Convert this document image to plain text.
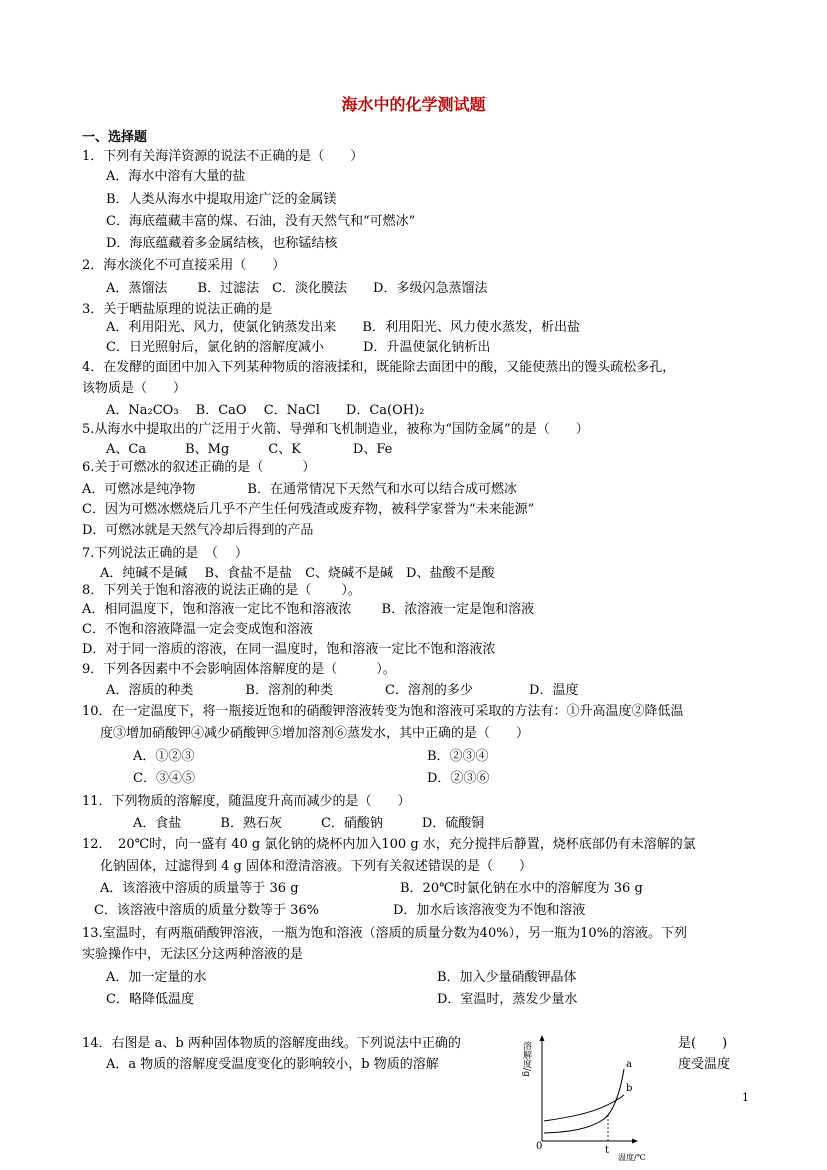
海水中的化学测试题
一、选择题
1．下列有关海洋资源的说法不正确的是（　　）
A．海水中溶有大量的盐
B．人类从海水中提取用途广泛的金属镁
C．海底蕴藏丰富的煤、石油，没有天然气和“可燃冰”
D．海底蕴藏着多金属结核，也称锰结核
2．海水淡化不可直接采用（　　）
A．蒸馏法　　 B．过滤法　C．淡化膜法　　D．多级闪急蒸馏法
3．关于晒盐原理的说法正确的是
A．利用阳光、风力，使氯化钠蒸发出来　　B．利用阳光、风力使水蒸发，析出盐
C．日光照射后，氯化钠的溶解度减小　　　D．升温使氯化钠析出
4．在发酵的面团中加入下列某种物质的溶液揉和，既能除去面团中的酸，又能使蒸出的馒头疏松多孔，
该物质是（　　）
A．Na₂CO₃　 B．CaO　 C．NaCl　　D．Ca(OH)₂
5.从海水中提取出的广泛用于火箭、导弹和飞机制造业，被称为“国防金属”的是（　　）
A、Ca　　　B、Mg　　　C、K　　　　D、Fe
6.关于可燃冰的叙述正确的是（　　　）
A．可燃冰是纯净物　　　　B．在通常情况下天然气和水可以结合成可燃冰
C．因为可燃冰燃烧后几乎不产生任何残渣或废弃物，被科学家誉为“未来能源”
D．可燃冰就是天然气冷却后得到的产品
7.下列说法正确的是　（　 ）
A．纯碱不是碱　 B、食盐不是盐　C、烧碱不是碱　D、盐酸不是酸
8．下列关于饱和溶液的说法正确的是（　　 ）。
A．相同温度下，饱和溶液一定比不饱和溶液浓　　 B．浓溶液一定是饱和溶液
C．不饱和溶液降温一定会变成饱和溶液
D．对于同一溶质的溶液，在同一温度时，饱和溶液一定比不饱和溶液浓
9．下列各因素中不会影响固体溶解度的是（　　　）。
A．溶质的种类　　　　B．溶剂的种类　　　　C．溶剂的多少　　　　 D．温度
10．在一定温度下，将一瓶接近饱和的硝酸钾溶液转变为饱和溶液可采取的方法有：①升高温度②降低温
度③增加硝酸钾④减少硝酸钾⑤增加溶剂⑥蒸发水，其中正确的是（　　）
A．①②③	B．②③④
C．③④⑤	D．②③⑥
11．下列物质的溶解度，随温度升高而减少的是（　　）
A．食盐　　　B．熟石灰　　　C．硝酸钠　　　D．硫酸铜
12．　20℃时，向一盛有 40 g 氯化钠的烧杯内加入100 g 水，充分搅拌后静置，烧杯底部仍有未溶解的氯
化钠固体，过滤得到 4 g 固体和澄清溶液。下列有关叙述错误的是（　　）
A．该溶液中溶质的质量等于 36 g	B．20℃时氯化钠在水中的溶解度为 36 g
C．该溶液中溶质的质量分数等于 36%	D．加水后该溶液变为不饱和溶液
13.室温时，有两瓶硝酸钾溶液，一瓶为饱和溶液（溶质的质量分数为40%），另一瓶为10%的溶液。下列
实验操作中，无法区分这两种溶液的是
A．加一定量的水	B．加入少量硝酸钾晶体
C．略降低温度	D．室温时，蒸发少量水
14．右图是 a、b 两种固体物质的溶解度曲线。下列说法中正确的	是(　　)
A．a 物质的溶解度受温度变化的影响较小，b 物质的溶解	度受温度
溶解度/g	a
b
0	t
温度/℃
1
